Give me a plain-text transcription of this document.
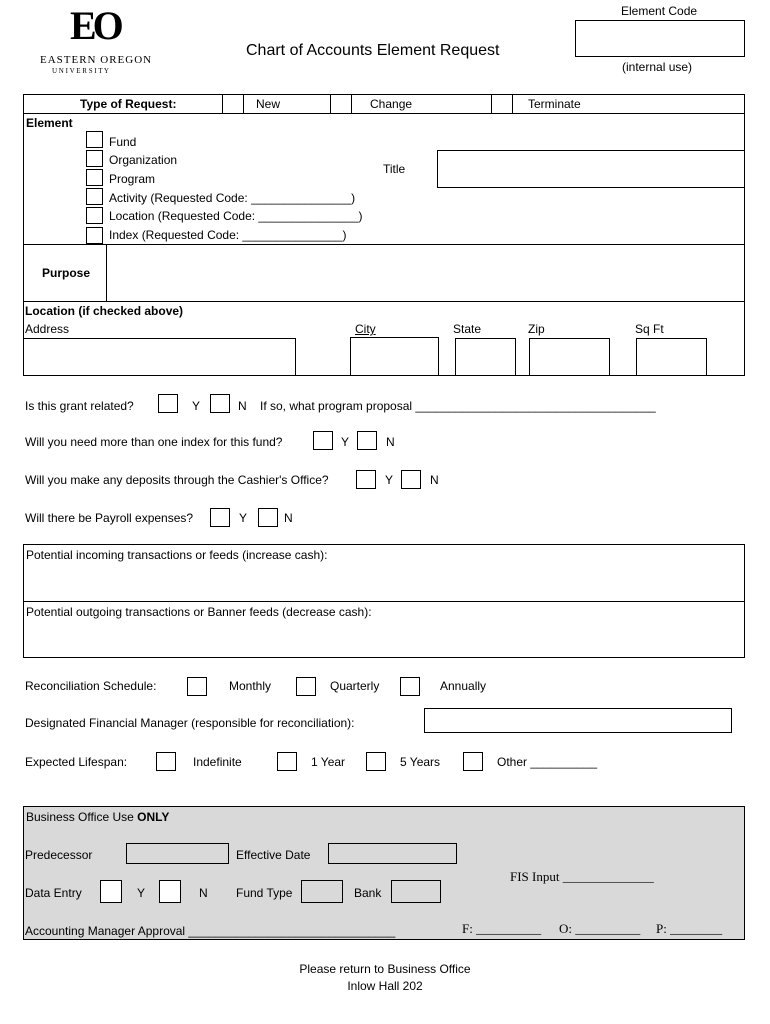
EO
EASTERN OREGON
U N I V E R S I T Y
Chart of Accounts Element Request
Element Code
(internal use)
Type of Request:	New	Change	Terminate
Element
Fund
Organization
Program
Activity (Requested Code: _______________)
Location (Requested Code: _______________)
Index (Requested Code: _______________)
Title
Purpose
Location (if checked above)
Address	City	State	Zip	Sq Ft
Is this grant related?	Y	N If so, what program proposal ____________________________________
Will you need more than one index for this fund?	Y	N
Will you make any deposits through the Cashier's Office?	Y	N
Will there be Payroll expenses?	Y	N
Potential incoming transactions or feeds (increase cash):
Potential outgoing transactions or Banner feeds (decrease cash):
Reconciliation Schedule:	Monthly	Quarterly	Annually
Designated Financial Manager (responsible for reconciliation):
Expected Lifespan:	Indefinite	1 Year	5 Years	Other __________
Business Office Use ONLY
Predecessor	Effective Date
Data Entry	Y	N Fund Type	Bank
FIS Input ______________
Accounting Manager Approval _______________________________	F: __________ O: __________ P: ________
Please return to Business Office
Inlow Hall 202
